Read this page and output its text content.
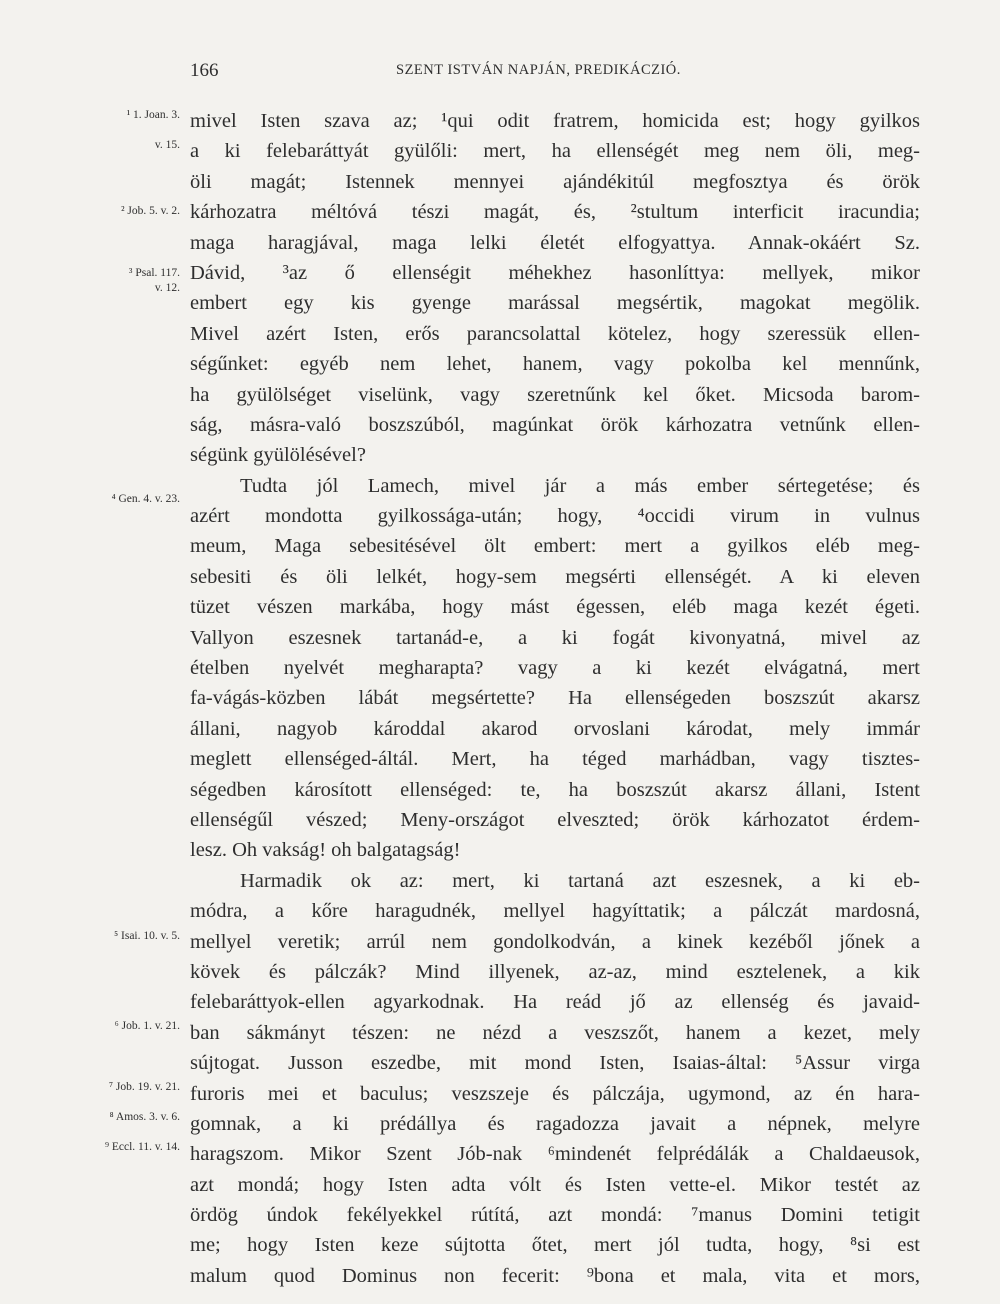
166	SZENT ISTVÁN NAPJÁN, PREDIKÁCZIÓ.
¹ 1. Joan. 3.
v. 15.
² Job. 5. v. 2.
³ Psal. 117.
v. 12.
⁴ Gen. 4. v. 23.
⁵ Isai. 10. v. 5.
⁶ Job. 1. v. 21.
⁷ Job. 19. v. 21.
⁸ Amos. 3. v. 6.
⁹ Eccl. 11. v. 14.
mivel Isten szava az; ¹qui odit fratrem, homicida est; hogy gyilkos
a ki felebaráttyát gyülőli: mert, ha ellenségét meg nem öli, meg-
öli magát; Istennek mennyei ajándékitúl megfosztya és örök
kárhozatra méltóvá tészi magát, és, ²stultum interficit iracundia;
maga haragjával, maga lelki életét elfogyattya. Annak-okáért Sz.
Dávid, ³az ő ellenségit méhekhez hasonlíttya: mellyek, mikor
embert egy kis gyenge marással megsértik, magokat megölik.
Mivel azért Isten, erős parancsolattal kötelez, hogy szeressük ellen-
ségűnket: egyéb nem lehet, hanem, vagy pokolba kel mennűnk,
ha gyülölséget viselünk, vagy szeretnűnk kel őket. Micsoda barom-
ság, másra-való boszszúból, magúnkat örök kárhozatra vetnűnk ellen-
ségünk gyülölésével?
Tudta jól Lamech, mivel jár a más ember sértegetése; és
azért mondotta gyilkossága-után; hogy, ⁴occidi virum in vulnus
meum, Maga sebesitésével ölt embert: mert a gyilkos eléb meg-
sebesiti és öli lelkét, hogy-sem megsérti ellenségét. A ki eleven
tüzet vészen markába, hogy mást égessen, eléb maga kezét égeti.
Vallyon eszesnek tartanád-e, a ki fogát kivonyatná, mivel az
ételben nyelvét megharapta? vagy a ki kezét elvágatná, mert
fa-vágás-közben lábát megsértette? Ha ellenségeden boszszút akarsz
állani, nagyob károddal akarod orvoslani károdat, mely immár
meglett ellenséged-áltál. Mert, ha téged marhádban, vagy tisztes-
ségedben károsított ellenséged: te, ha boszszút akarsz állani, Istent
ellenségűl vészed; Meny-országot elveszted; örök kárhozatot érdem-
lesz. Oh vakság! oh balgatagság!
Harmadik ok az: mert, ki tartaná azt eszesnek, a ki eb-
módra, a kőre haragudnék, mellyel hagyíttatik; a pálczát mardosná,
mellyel veretik; arrúl nem gondolkodván, a kinek kezéből jőnek a
kövek és pálczák? Mind illyenek, az-az, mind esztelenek, a kik
felebaráttyok-ellen agyarkodnak. Ha reád jő az ellenség és javaid-
ban sákmányt tészen: ne nézd a veszszőt, hanem a kezet, mely
sújtogat. Jusson eszedbe, mit mond Isten, Isaias-által: ⁵Assur virga
furoris mei et baculus; veszszeje és pálczája, ugymond, az én hara-
gomnak, a ki prédállya és ragadozza javait a népnek, melyre
haragszom. Mikor Szent Jób-nak ⁶mindenét felprédálák a Chaldaeusok,
azt mondá; hogy Isten adta vólt és Isten vette-el. Mikor testét az
ördög úndok fekélyekkel rútítá, azt mondá: ⁷manus Domini tetigit
me; hogy Isten keze sújtotta őtet, mert jól tudta, hogy, ⁸si est
malum quod Dominus non fecerit: ⁹bona et mala, vita et mors,
